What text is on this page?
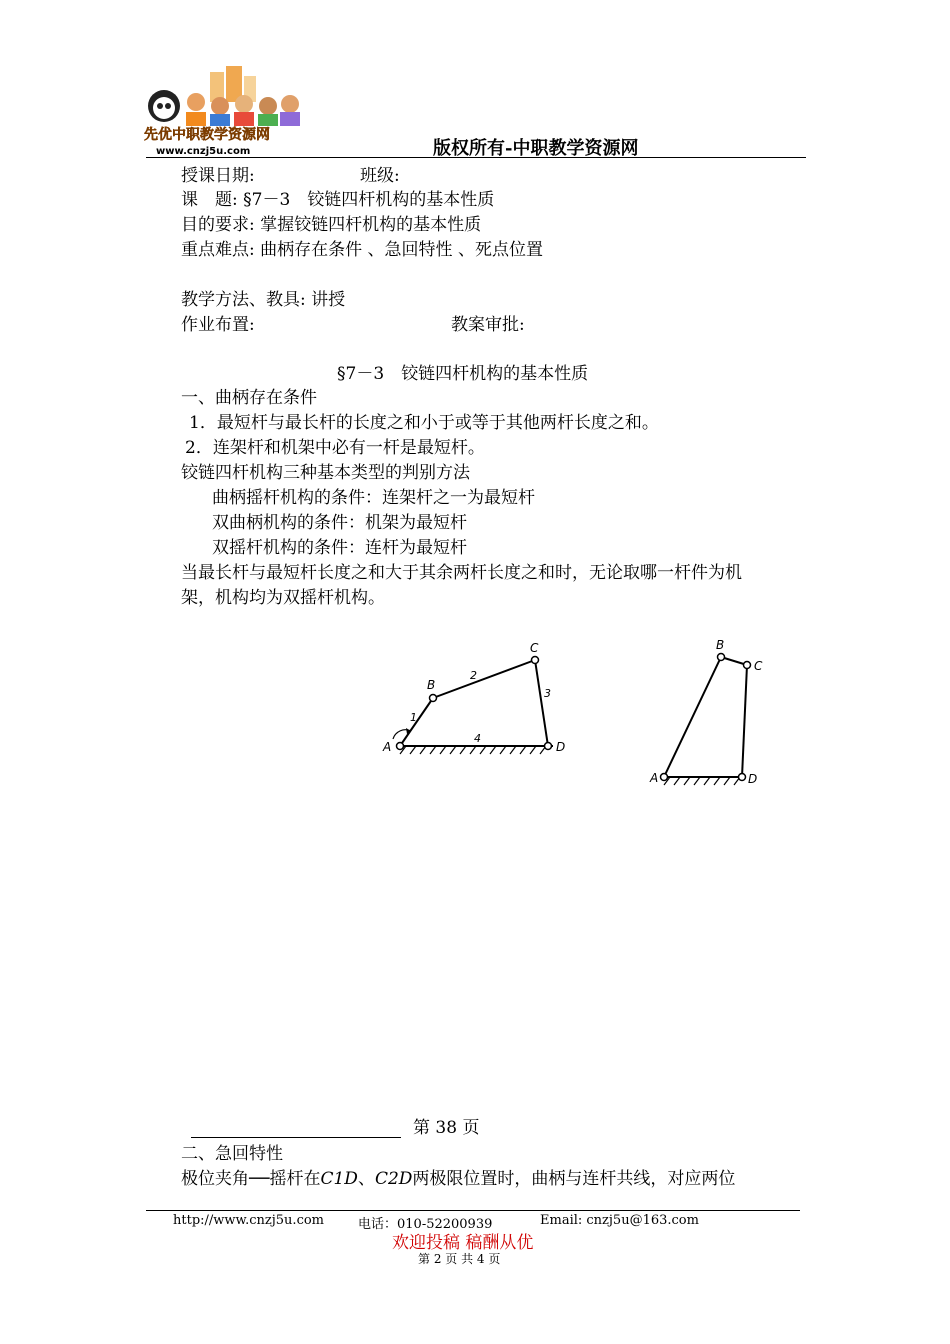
先优中职教学资源网
www.cnzj5u.com	版权所有-中职教学资源网
授课日期:	班级:
课　题: §7－3　铰链四杆机构的基本性质
目的要求: 掌握铰链四杆机构的基本性质
重点难点: 曲柄存在条件 、急回特性 、死点位置
教学方法、教具: 讲授
作业布置:	教案审批:
§7－3　铰链四杆机构的基本性质
一、曲柄存在条件
1．最短杆与最长杆的长度之和小于或等于其他两杆长度之和。
2．连架杆和机架中必有一杆是最短杆。
铰链四杆机构三种基本类型的判别方法
曲柄摇杆机构的条件：连架杆之一为最短杆
双曲柄机构的条件：机架为最短杆
双摇杆机构的条件：连杆为最短杆
当最长杆与最短杆长度之和大于其余两杆长度之和时，无论取哪一杆件为机
架，机构均为双摇杆机构。
A
B
C
D
1
2
3
4
A
B
C
D
第 38 页
二、急回特性
极位夹角──摇杆在C1D、C2D两极限位置时，曲柄与连杆共线，对应两位
http://www.cnzj5u.com	电话：010-52200939	Email: cnzj5u@163.com
欢迎投稿 稿酬从优
第 2 页 共 4 页
